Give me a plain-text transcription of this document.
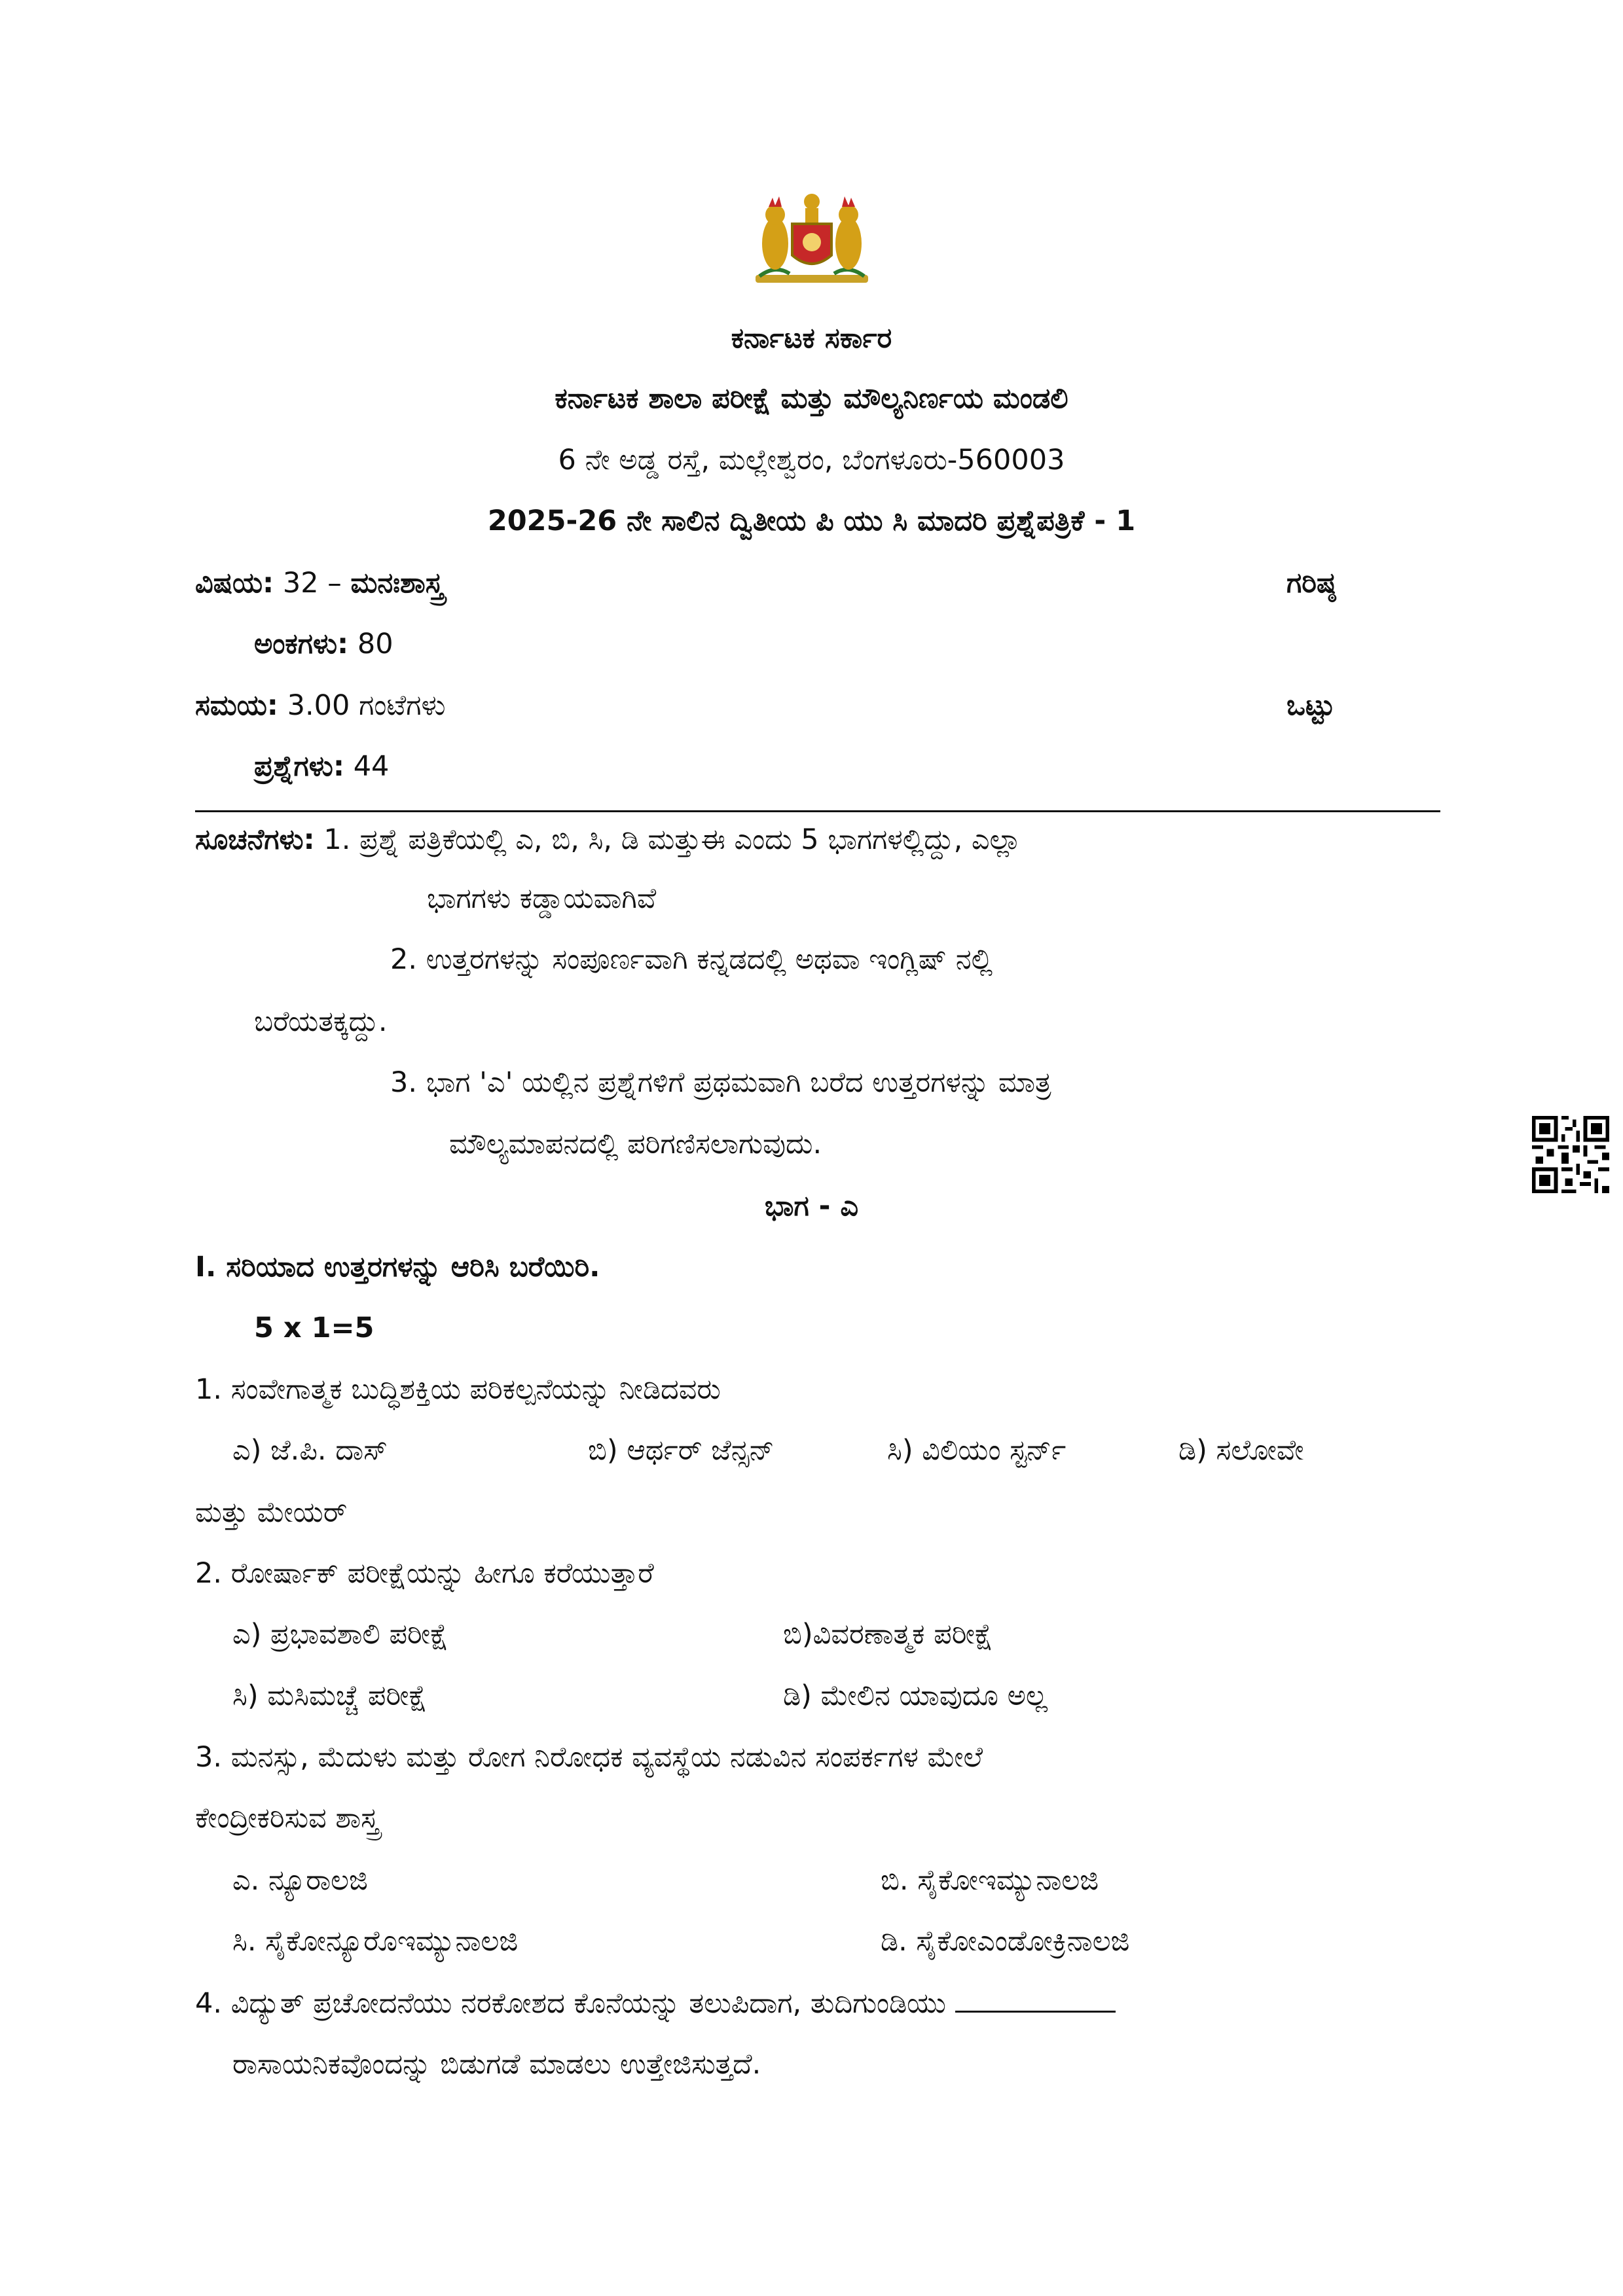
ಕರ್ನಾಟಕ ಸರ್ಕಾರ
ಕರ್ನಾಟಕ ಶಾಲಾ ಪರೀಕ್ಷೆ ಮತ್ತು ಮೌಲ್ಯನಿರ್ಣಯ ಮಂಡಲಿ
6 ನೇ ಅಡ್ಡ ರಸ್ತೆ, ಮಲ್ಲೇಶ್ವರಂ, ಬೆಂಗಳೂರು-560003
2025-26 ನೇ ಸಾಲಿನ ದ್ವಿತೀಯ ಪಿ ಯು ಸಿ ಮಾದರಿ ಪ್ರಶ್ನೆಪತ್ರಿಕೆ - 1
ವಿಷಯ: 32 – ಮನಃಶಾಸ್ತ್ರ	ಗರಿಷ್ಠ
ಅಂಕಗಳು: 80
ಸಮಯ: 3.00 ಗಂಟೆಗಳು	ಒಟ್ಟು
ಪ್ರಶ್ನೆಗಳು: 44
ಸೂಚನೆಗಳು: 1. ಪ್ರಶ್ನೆ ಪತ್ರಿಕೆಯಲ್ಲಿ ಎ, ಬಿ, ಸಿ, ಡಿ ಮತ್ತುಈ ಎಂದು 5 ಭಾಗಗಳಲ್ಲಿದ್ದು, ಎಲ್ಲಾ
ಭಾಗಗಳು ಕಡ್ಡಾಯವಾಗಿವೆ
2. ಉತ್ತರಗಳನ್ನು ಸಂಪೂರ್ಣವಾಗಿ ಕನ್ನಡದಲ್ಲಿ ಅಥವಾ ಇಂಗ್ಲಿಷ್ ನಲ್ಲಿ
ಬರೆಯತಕ್ಕದ್ದು.
3. ಭಾಗ 'ಎ' ಯಲ್ಲಿನ ಪ್ರಶ್ನೆಗಳಿಗೆ ಪ್ರಥಮವಾಗಿ ಬರೆದ ಉತ್ತರಗಳನ್ನು ಮಾತ್ರ
ಮೌಲ್ಯಮಾಪನದಲ್ಲಿ ಪರಿಗಣಿಸಲಾಗುವುದು.
ಭಾಗ - ಎ
I. ಸರಿಯಾದ ಉತ್ತರಗಳನ್ನು ಆರಿಸಿ ಬರೆಯಿರಿ.
5 x 1=5
1. ಸಂವೇಗಾತ್ಮಕ ಬುದ್ಧಿಶಕ್ತಿಯ ಪರಿಕಲ್ಪನೆಯನ್ನು ನೀಡಿದವರು
ಎ) ಜೆ.ಪಿ. ದಾಸ್	ಬಿ) ಆರ್ಥರ್ ಜೆನ್ಸನ್	ಸಿ) ವಿಲಿಯಂ ಸ್ಟರ್ನ್	ಡಿ) ಸಲೋವೇ
ಮತ್ತು ಮೇಯರ್
2. ರೋರ್ಷಾಕ್ ಪರೀಕ್ಷೆಯನ್ನು ಹೀಗೂ ಕರೆಯುತ್ತಾರೆ
ಎ) ಪ್ರಭಾವಶಾಲಿ ಪರೀಕ್ಷೆ	ಬಿ)ವಿವರಣಾತ್ಮಕ ಪರೀಕ್ಷೆ
ಸಿ) ಮಸಿಮಚ್ಚೆ ಪರೀಕ್ಷೆ	ಡಿ) ಮೇಲಿನ ಯಾವುದೂ ಅಲ್ಲ
3. ಮನಸ್ಸು, ಮೆದುಳು ಮತ್ತು ರೋಗ ನಿರೋಧಕ ವ್ಯವಸ್ಥೆಯ ನಡುವಿನ ಸಂಪರ್ಕಗಳ ಮೇಲೆ
ಕೇಂದ್ರೀಕರಿಸುವ ಶಾಸ್ತ್ರ
ಎ. ನ್ಯೂರಾಲಜಿ	ಬಿ. ಸೈಕೋಇಮ್ಯುನಾಲಜಿ
ಸಿ. ಸೈಕೋನ್ಯೂರೊಇಮ್ಯುನಾಲಜಿ	ಡಿ. ಸೈಕೋಎಂಡೋಕ್ರಿನಾಲಜಿ
4. ವಿದ್ಯುತ್ ಪ್ರಚೋದನೆಯು ನರಕೋಶದ ಕೊನೆಯನ್ನು ತಲುಪಿದಾಗ, ತುದಿಗುಂಡಿಯು
ರಾಸಾಯನಿಕವೊಂದನ್ನು ಬಿಡುಗಡೆ ಮಾಡಲು ಉತ್ತೇಜಿಸುತ್ತದೆ.
